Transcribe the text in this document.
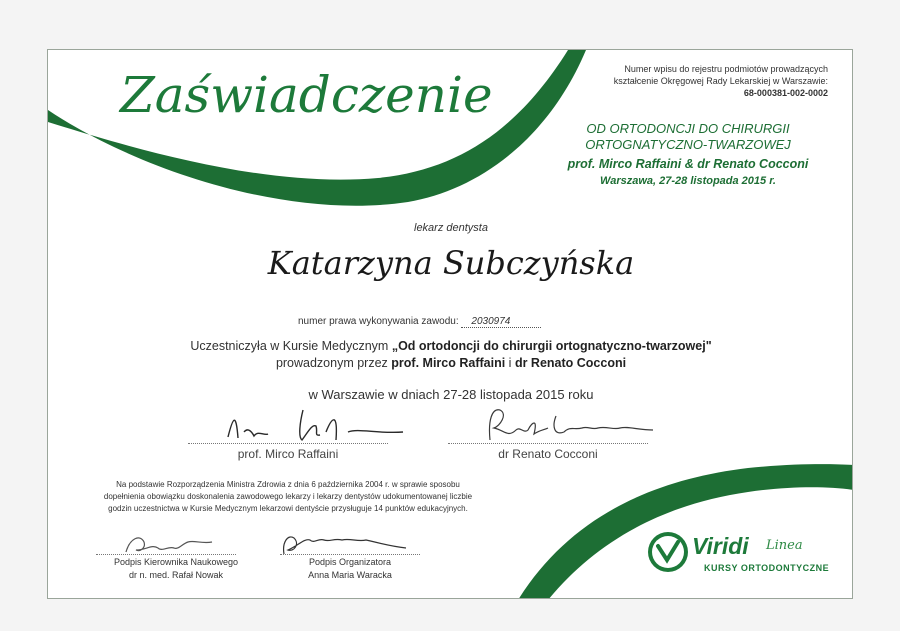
Zaświadczenie	Numer wpisu do rejestru podmiotów prowadzących
kształcenie Okręgowej Rady Lekarskiej w Warszawie:
68-000381-002-0002
OD ORTODONCJI DO CHIRURGII
ORTOGNATYCZNO-TWARZOWEJ
prof. Mirco Raffaini & dr Renato Cocconi
Warszawa, 27-28 listopada 2015 r.
lekarz dentysta
Katarzyna Subczyńska
numer prawa wykonywania zawodu: 2030974
Uczestniczyła w Kursie Medycznym „Od ortodoncji do chirurgii ortognatyczno-twarzowej"
prowadzonym przez prof. Mirco Raffaini i dr Renato Cocconi
w Warszawie w dniach 27-28 listopada 2015 roku
prof. Mirco Raffaini	dr Renato Cocconi
Na podstawie Rozporządzenia Ministra Zdrowia z dnia 6 października 2004 r. w sprawie sposobu
dopełnienia obowiązku doskonalenia zawodowego lekarzy i lekarzy dentystów udokumentowanej liczbie
godzin uczestnictwa w Kursie Medycznym lekarzowi dentyście przysługuje 14 punktów edukacyjnych.
Podpis Kierownika Naukowego
dr n. med. Rafał Nowak
Podpis Organizatora
Anna Maria Waracka
Viridi Linea
KURSY ORTODONTYCZNE
